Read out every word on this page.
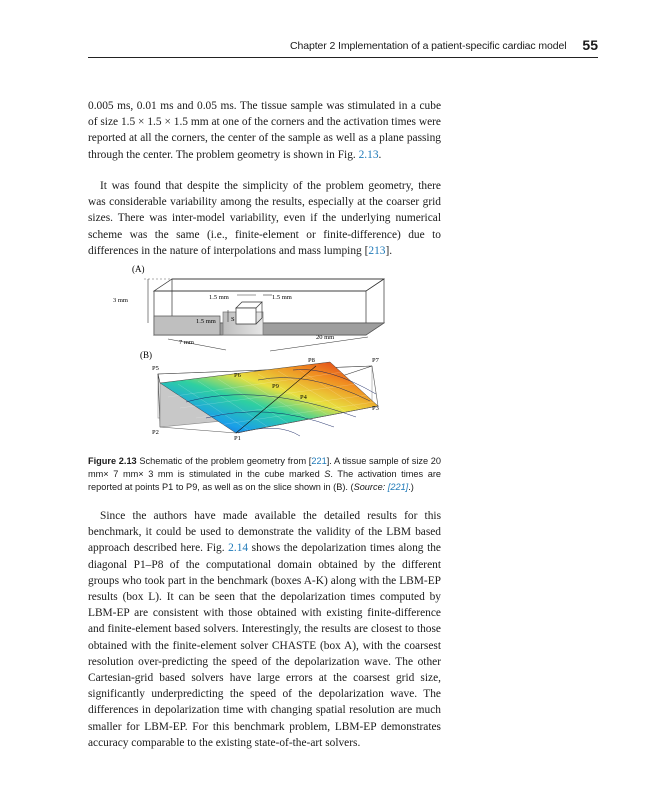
Chapter 2 Implementation of a patient-specific cardiac model 55

0.005 ms, 0.01 ms and 0.05 ms. The tissue sample was stimulated in a cube of size 1.5 × 1.5 × 1.5 mm at one of the corners and the activation times were reported at all the corners, the center of the sample as well as a plane passing through the center. The problem geometry is shown in Fig. 2.13.

It was found that despite the simplicity of the problem geometry, there was considerable variability among the results, especially at the coarser grid sizes. There was inter-model variability, even if the underlying numerical scheme was the same (i.e., finite-element or finite-difference) due to differences in the nature of interpolations and mass lumping [213].

(A)
3 mm	1.5 mm	1.5 mm
1.5 mm S
7 mm
20 mm
(B)
P5
P2
P1
P8	P7
P6
P9
P4
P3

Figure 2.13 Schematic of the problem geometry from [221]. A tissue sample of size 20 mm× 7 mm× 3 mm is stimulated in the cube marked S. The activation times are reported at points P1 to P9, as well as on the slice shown in (B). (Source: [221].)

Since the authors have made available the detailed results for this benchmark, it could be used to demonstrate the validity of the LBM based approach described here. Fig. 2.14 shows the depolarization times along the diagonal P1–P8 of the computational domain obtained by the different groups who took part in the benchmark (boxes A-K) along with the LBM-EP results (box L). It can be seen that the depolarization times computed by LBM-EP are consistent with those obtained with existing finite-difference and finite-element based solvers. Interestingly, the results are closest to those obtained with the finite-element solver CHASTE (box A), with the coarsest resolution over-predicting the speed of the depolarization wave. The other Cartesian-grid based solvers have large errors at the coarsest grid size, significantly underpredicting the speed of the depolarization wave. The differences in depolarization time with changing spatial resolution are much smaller for LBM-EP. For this benchmark problem, LBM-EP demonstrates accuracy comparable to the existing state-of-the-art solvers.
